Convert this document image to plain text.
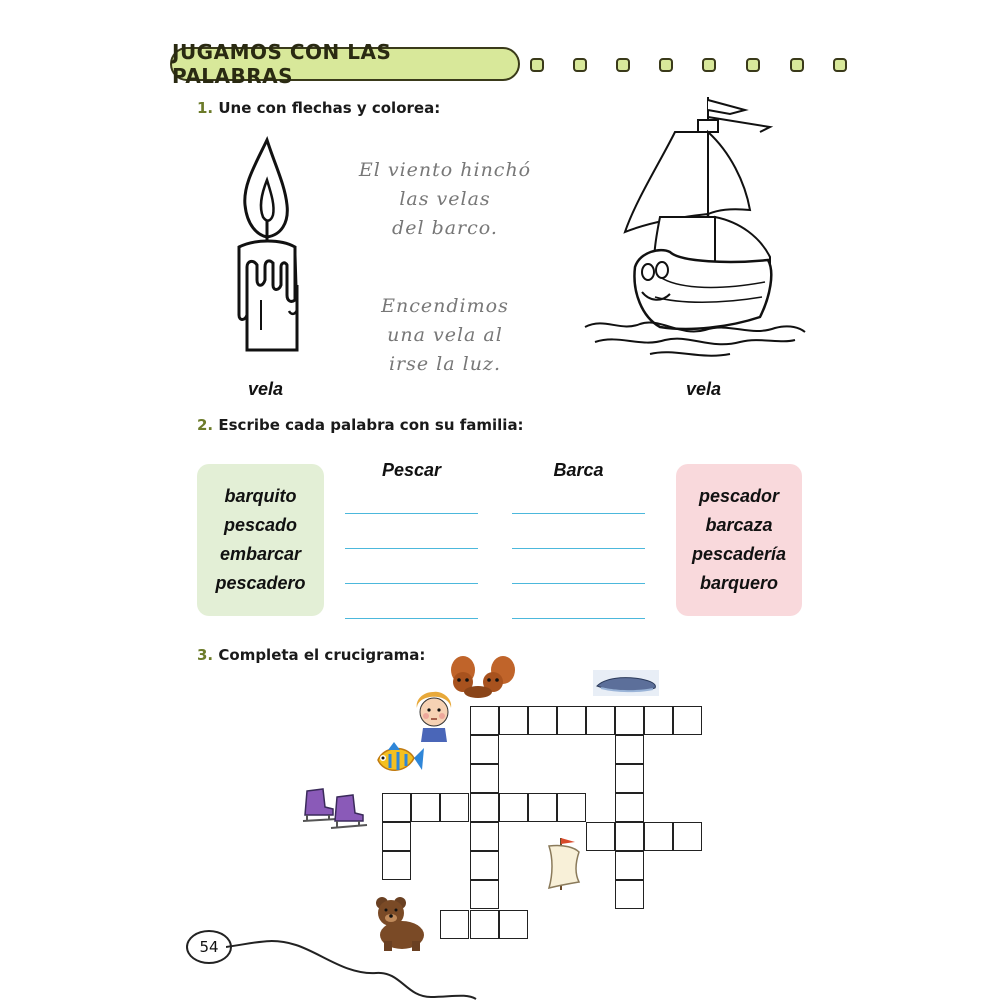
JUGAMOS CON LAS PALABRAS
1. Une con flechas y colorea:
vela
El viento hinchó
las velas
del barco.
Encendimos
una vela al
irse la luz.
vela
2. Escribe cada palabra con su familia:
barquito
pescado
embarcar
pescadero
pescador
barcaza
pescadería
barquero
Pescar	Barca
3. Completa el crucigrama:
54
